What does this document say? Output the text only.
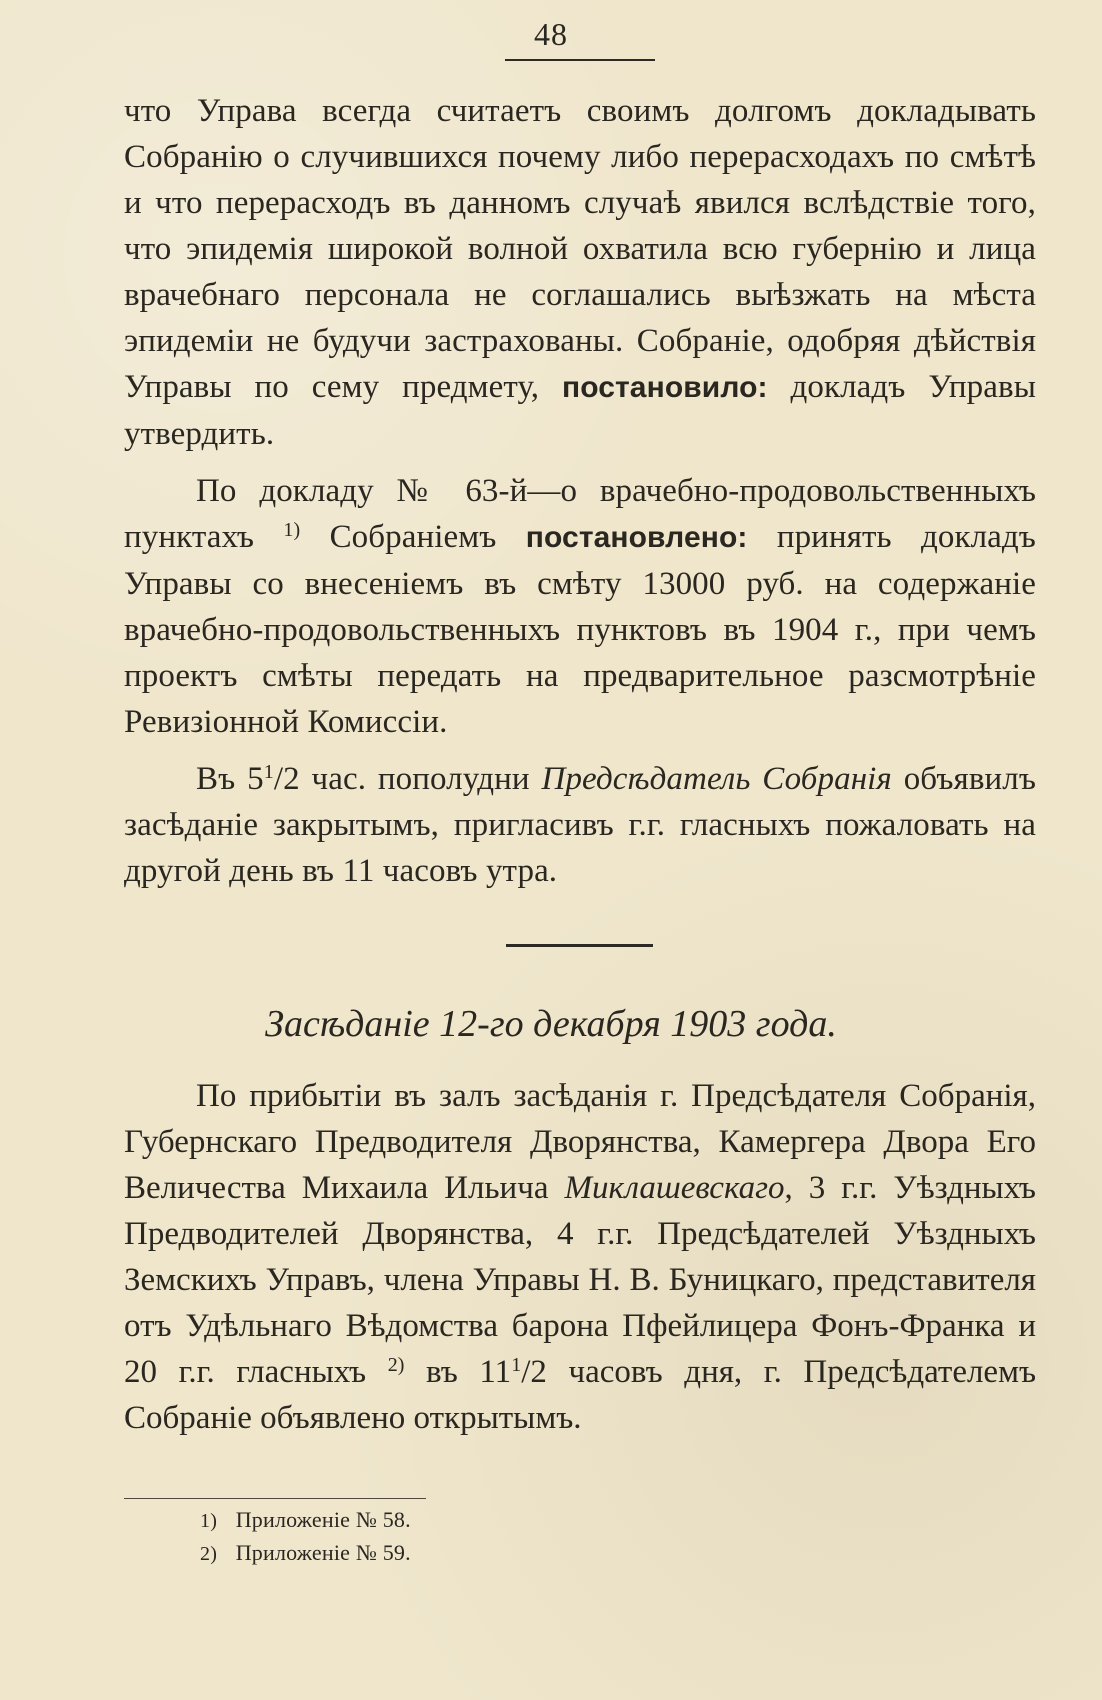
48

что Управа всегда считаетъ своимъ долгомъ докладывать Собранію о случившихся почему либо перерасходахъ по смѣтѣ и что перерасходъ въ данномъ случаѣ явился вслѣдствіе того, что эпидемія широкой волной охватила всю губернію и лица врачебнаго персонала не соглашались выѣзжать на мѣста эпидеміи не будучи застрахованы. Собраніе, одобряя дѣйствія Управы по сему предмету, постановило: докладъ Управы утвердить.

По докладу № 63-й—о врачебно-продовольственныхъ пунктахъ $^{1)}$ Собраніемъ постановлено: принять докладъ Управы со внесеніемъ въ смѣту 13000 руб. на содержаніе врачебно-продовольственныхъ пунктовъ въ 1904 г., при чемъ проектъ смѣты передать на предварительное разсмотрѣніе Ревизіонной Комиссіи.

Въ $5^1/2$ час. пополудни Предсѣдатель Собранія объявилъ засѣданіе закрытымъ, пригласивъ г.г. гласныхъ пожаловать на другой день въ 11 часовъ утра.

Засѣданіе 12-го декабря 1903 года.

По прибытіи въ залъ засѣданія г. Предсѣдателя Собранія, Губернскаго Предводителя Дворянства, Камергера Двора Его Величества Михаила Ильича Миклашевскаго, 3 г.г. Уѣздныхъ Предводителей Дворянства, 4 г.г. Предсѣдателей Уѣздныхъ Земскихъ Управъ, члена Управы Н. В. Буницкаго, представителя отъ Удѣльнаго Вѣдомства барона Пфейлицера Фонъ-Франка и 20 г.г. гласныхъ $^{2)}$ въ $11^1/2$ часовъ дня, г. Предсѣдателемъ Собраніе объявлено открытымъ.

1) Приложеніе № 58.

2) Приложеніе № 59.
